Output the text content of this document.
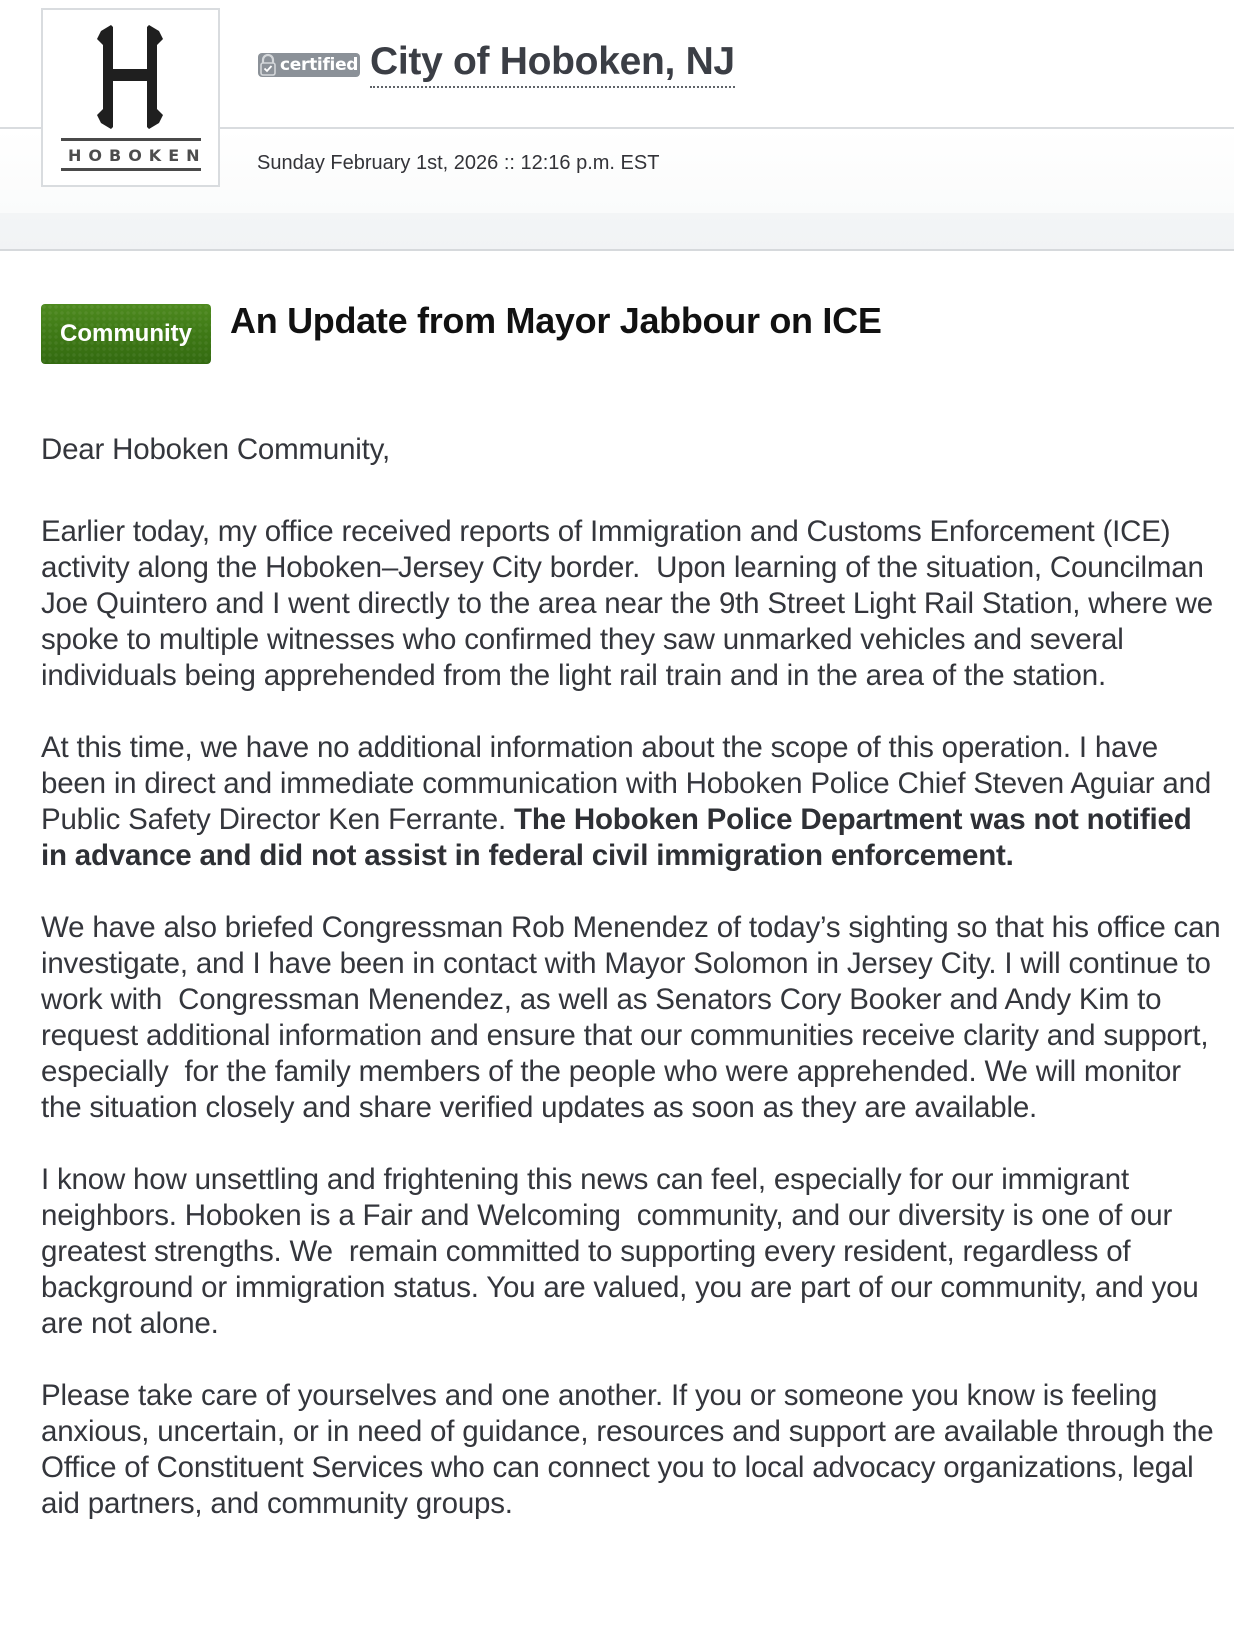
HOBOKEN
certified City of Hoboken, NJ
Sunday February 1st, 2026 :: 12:16 p.m. EST
Community	An Update from Mayor Jabbour on ICE

Dear Hoboken Community,

Earlier today, my office received reports of Immigration and Customs Enforcement (ICE) activity along the Hoboken–Jersey City border.  Upon learning of the situation, Councilman Joe Quintero and I went directly to the area near the 9th Street Light Rail Station, where we spoke to multiple witnesses who confirmed they saw unmarked vehicles and several individuals being apprehended from the light rail train and in the area of the station.

At this time, we have no additional information about the scope of this operation. I have been in direct and immediate communication with Hoboken Police Chief Steven Aguiar and Public Safety Director Ken Ferrante. The Hoboken Police Department was not notified in advance and did not assist in federal civil immigration enforcement.

We have also briefed Congressman Rob Menendez of today’s sighting so that his office can investigate, and I have been in contact with Mayor Solomon in Jersey City. I will continue to work with  Congressman Menendez, as well as Senators Cory Booker and Andy Kim to request additional information and ensure that our communities receive clarity and support, especially  for the family members of the people who were apprehended. We will monitor the situation closely and share verified updates as soon as they are available.

I know how unsettling and frightening this news can feel, especially for our immigrant neighbors. Hoboken is a Fair and Welcoming  community, and our diversity is one of our greatest strengths. We  remain committed to supporting every resident, regardless of background or immigration status. You are valued, you are part of our community, and you are not alone.

Please take care of yourselves and one another. If you or someone you know is feeling anxious, uncertain, or in need of guidance, resources and support are available through the Office of Constituent Services who can connect you to local advocacy organizations, legal aid partners, and community groups.
